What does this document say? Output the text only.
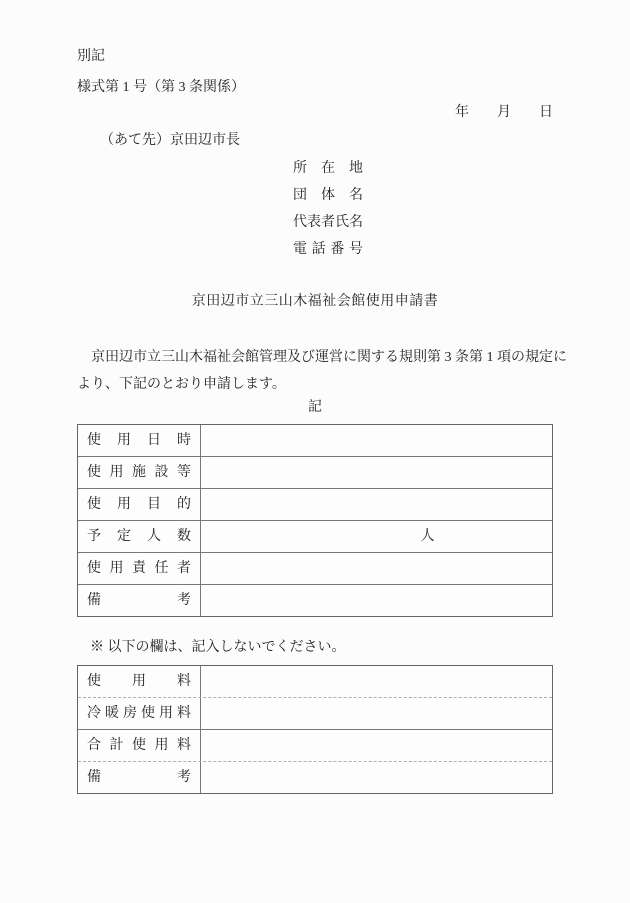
別記
様式第 1 号（第 3 条関係）
年　　月　　日
（あて先）京田辺市長
所在地
団体名
代表者氏名
電話番号
京田辺市立三山木福祉会館使用申請書
　京田辺市立三山木福祉会館管理及び運営に関する規則第 3 条第 1 項の規定に
より、下記のとおり申請します。
記
使用日時
使用施設等
使用目的
予定人数	人
使用責任者
備考
※ 以下の欄は、記入しないでください。
使用料
冷暖房使用料
合計使用料
備考
